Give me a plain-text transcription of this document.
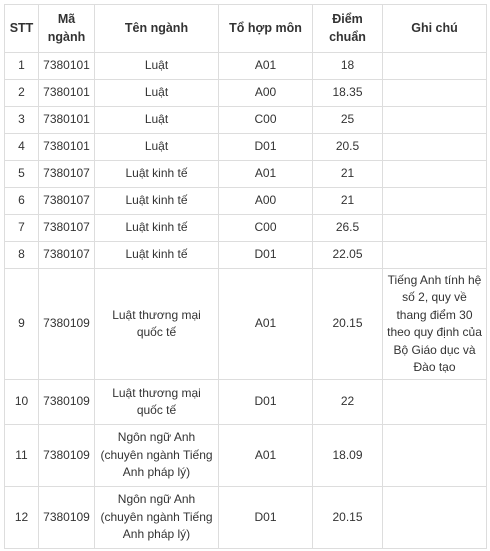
STT	Mã ngành	Tên ngành	Tổ hợp môn	Điểm chuẩn	Ghi chú
1	7380101	Luật	A01	18	
2	7380101	Luật	A00	18.35	
3	7380101	Luật	C00	25	
4	7380101	Luật	D01	20.5	
5	7380107	Luật kinh tế	A01	21	
6	7380107	Luật kinh tế	A00	21	
7	7380107	Luật kinh tế	C00	26.5	
8	7380107	Luật kinh tế	D01	22.05	
9	7380109	Luật thương mại quốc tế	A01	20.15	Tiếng Anh tính hệ số 2, quy về thang điểm 30 theo quy định của Bộ Giáo dục và Đào tạo
10	7380109	Luật thương mại quốc tế	D01	22	
11	7380109	Ngôn ngữ Anh (chuyên ngành Tiếng Anh pháp lý)	A01	18.09	
12	7380109	Ngôn ngữ Anh (chuyên ngành Tiếng Anh pháp lý)	D01	20.15	
